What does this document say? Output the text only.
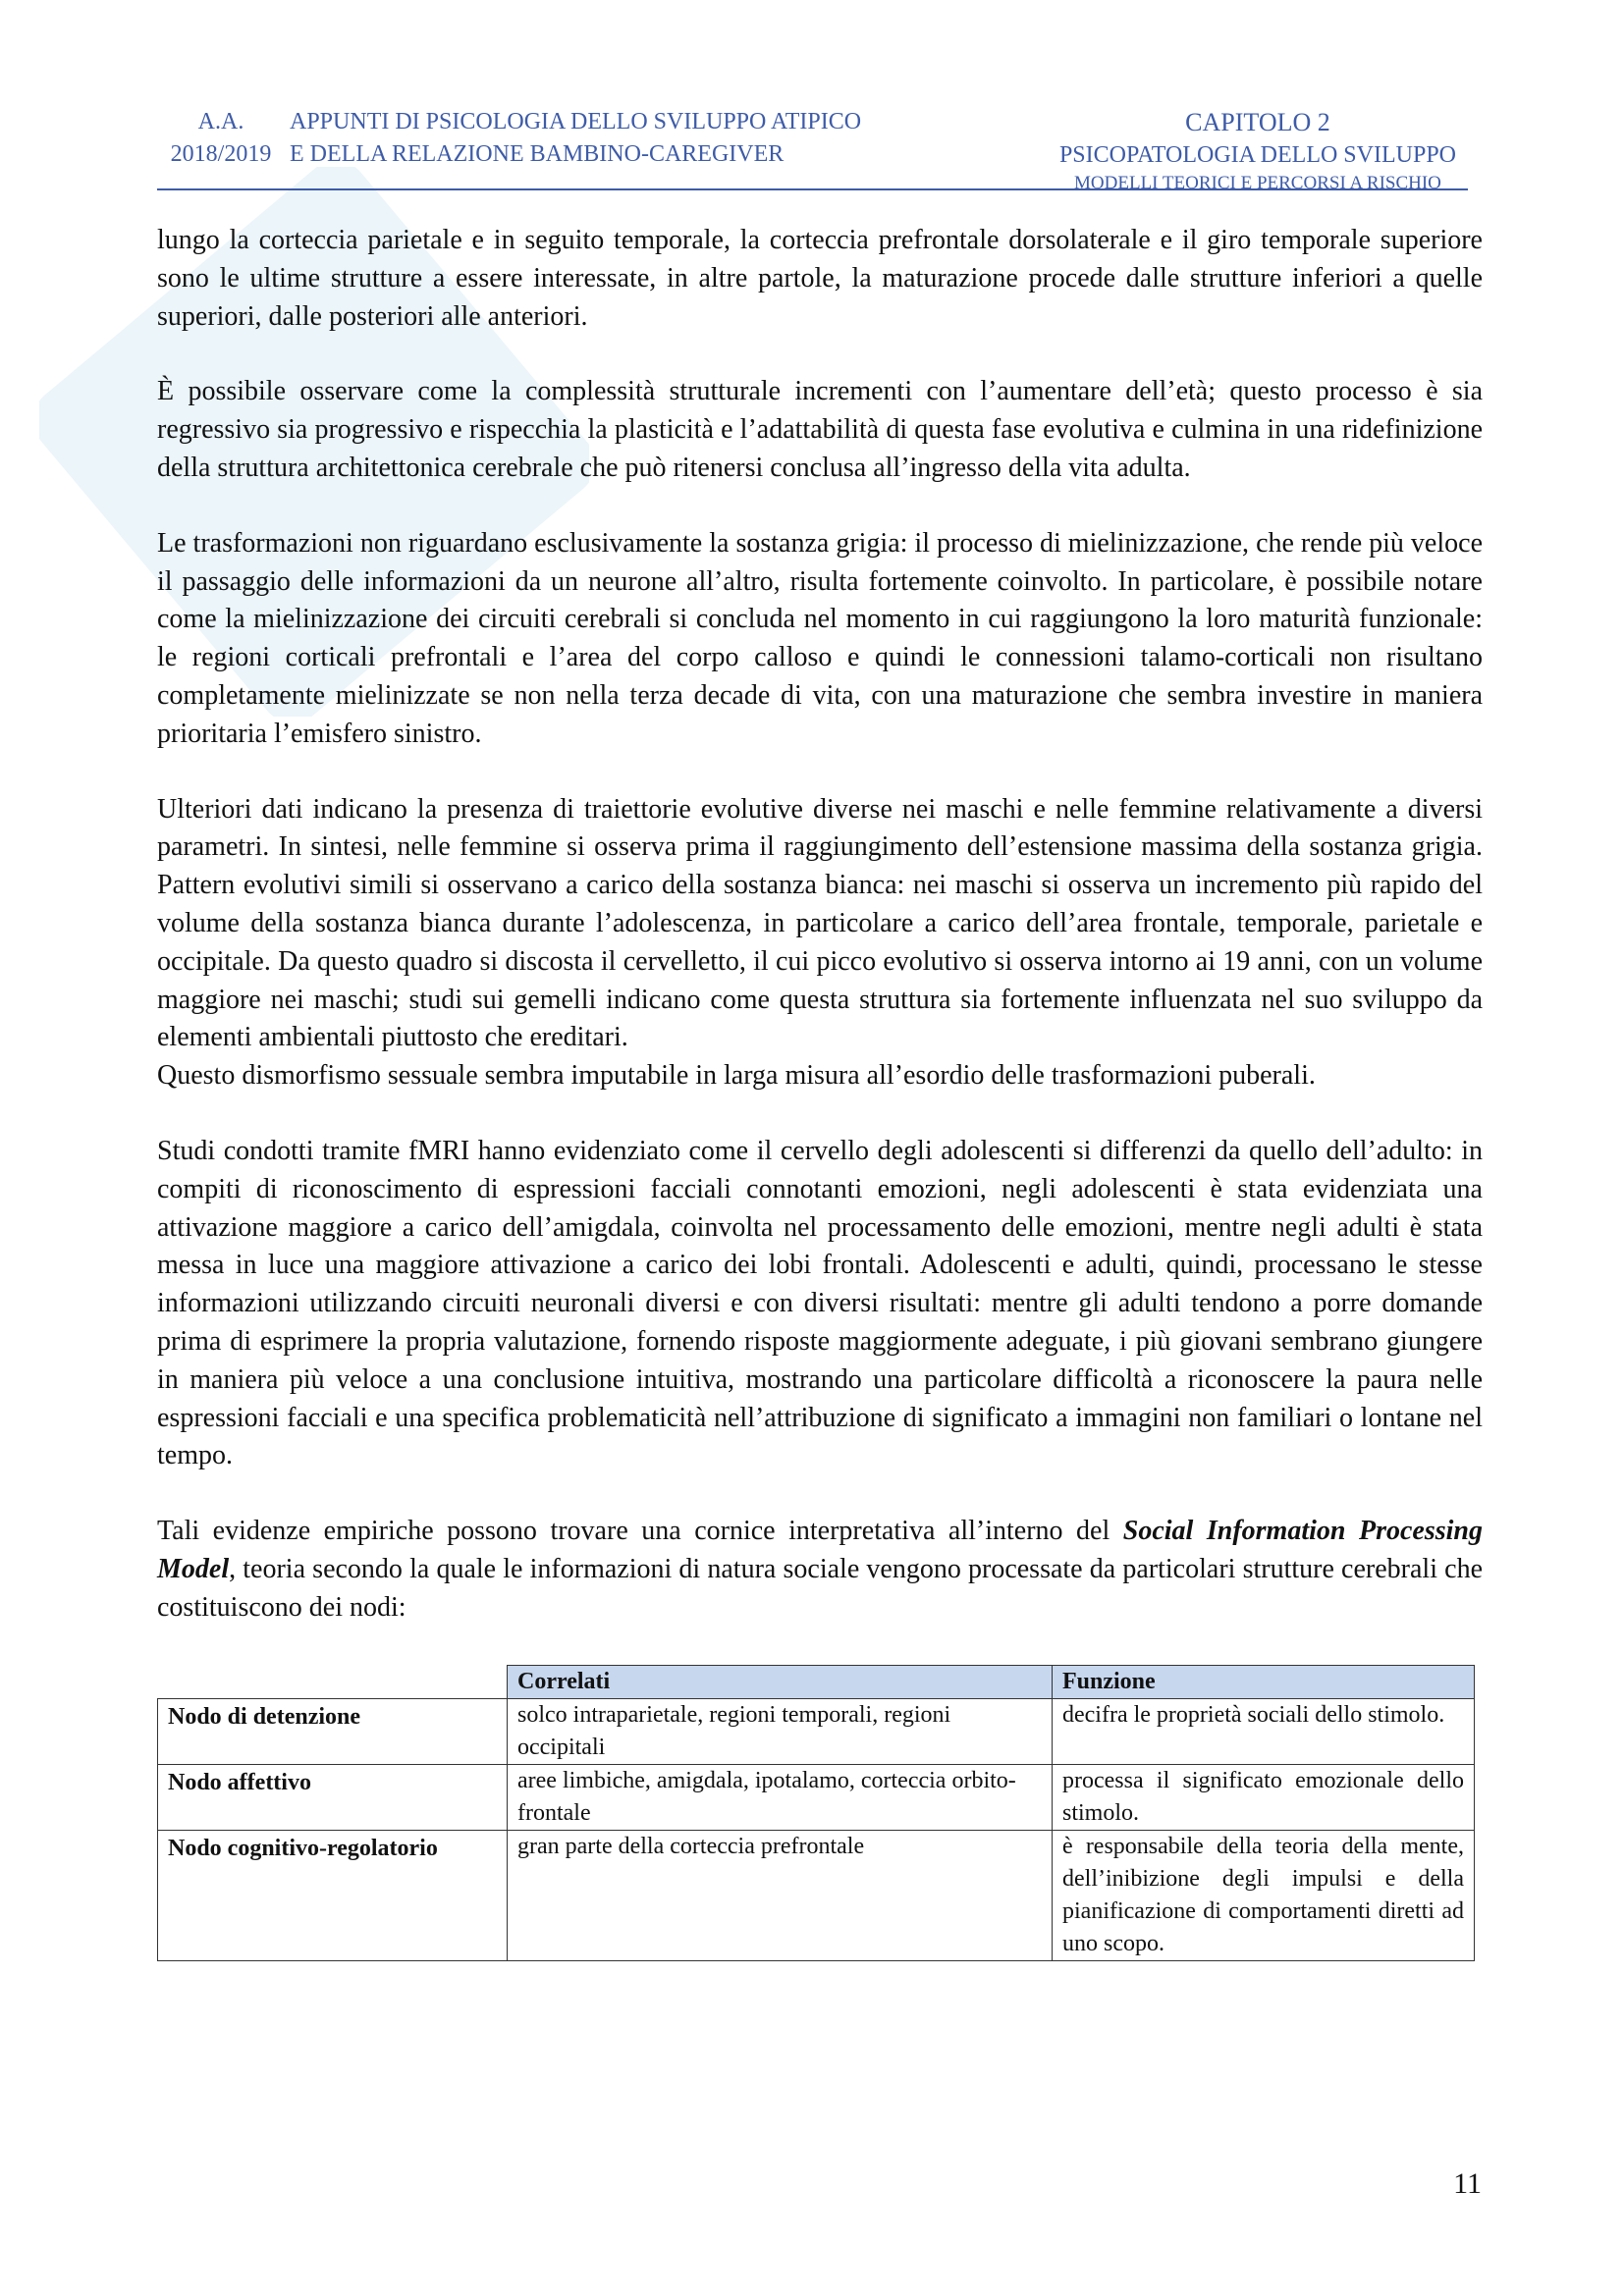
A.A.
2018/2019
APPUNTI DI PSICOLOGIA DELLO SVILUPPO ATIPICO
E DELLA RELAZIONE BAMBINO-CAREGIVER
CAPITOLO 2
PSICOPATOLOGIA DELLO SVILUPPO
MODELLI TEORICI E PERCORSI A RISCHIO

lungo la corteccia parietale e in seguito temporale, la corteccia prefrontale dorsolaterale e il giro temporale superiore sono le ultime strutture a essere interessate, in altre partole, la maturazione procede dalle strutture inferiori a quelle superiori, dalle posteriori alle anteriori.

È possibile osservare come la complessità strutturale incrementi con l’aumentare dell’età; questo processo è sia regressivo sia progressivo e rispecchia la plasticità e l’adattabilità di questa fase evolutiva e culmina in una ridefinizione della struttura architettonica cerebrale che può ritenersi conclusa all’ingresso della vita adulta.

Le trasformazioni non riguardano esclusivamente la sostanza grigia: il processo di mielinizzazione, che rende più veloce il passaggio delle informazioni da un neurone all’altro, risulta fortemente coinvolto. In particolare, è possibile notare come la mielinizzazione dei circuiti cerebrali si concluda nel momento in cui raggiungono la loro maturità funzionale: le regioni corticali prefrontali e l’area del corpo calloso e quindi le connessioni talamo-corticali non risultano completamente mielinizzate se non nella terza decade di vita, con una maturazione che sembra investire in maniera prioritaria l’emisfero sinistro.

Ulteriori dati indicano la presenza di traiettorie evolutive diverse nei maschi e nelle femmine relativamente a diversi parametri. In sintesi, nelle femmine si osserva prima il raggiungimento dell’estensione massima della sostanza grigia. Pattern evolutivi simili si osservano a carico della sostanza bianca: nei maschi si osserva un incremento più rapido del volume della sostanza bianca durante l’adolescenza, in particolare a carico dell’area frontale, temporale, parietale e occipitale. Da questo quadro si discosta il cervelletto, il cui picco evolutivo si osserva intorno ai 19 anni, con un volume maggiore nei maschi; studi sui gemelli indicano come questa struttura sia fortemente influenzata nel suo sviluppo da elementi ambientali piuttosto che ereditari.

Questo dismorfismo sessuale sembra imputabile in larga misura all’esordio delle trasformazioni puberali.

Studi condotti tramite fMRI hanno evidenziato come il cervello degli adolescenti si differenzi da quello dell’adulto: in compiti di riconoscimento di espressioni facciali connotanti emozioni, negli adolescenti è stata evidenziata una attivazione maggiore a carico dell’amigdala, coinvolta nel processamento delle emozioni, mentre negli adulti è stata messa in luce una maggiore attivazione a carico dei lobi frontali. Adolescenti e adulti, quindi, processano le stesse informazioni utilizzando circuiti neuronali diversi e con diversi risultati: mentre gli adulti tendono a porre domande prima di esprimere la propria valutazione, fornendo risposte maggiormente adeguate, i più giovani sembrano giungere in maniera più veloce a una conclusione intuitiva, mostrando una particolare difficoltà a riconoscere la paura nelle espressioni facciali e una specifica problematicità nell’attribuzione di significato a immagini non familiari o lontane nel tempo.

Tali evidenze empiriche possono trovare una cornice interpretativa all’interno del Social Information Processing Model, teoria secondo la quale le informazioni di natura sociale vengono processate da particolari strutture cerebrali che costituiscono dei nodi:

	Correlati	Funzione
Nodo di detenzione	solco intraparietale, regioni temporali, regioni occipitali	decifra le proprietà sociali dello stimolo.
Nodo affettivo	aree limbiche, amigdala, ipotalamo, corteccia orbito-frontale	processa il significato emozionale dello stimolo.
Nodo cognitivo-regolatorio	gran parte della corteccia prefrontale	è responsabile della teoria della mente, dell’inibizione degli impulsi e della pianificazione di comportamenti diretti ad uno scopo.
11
